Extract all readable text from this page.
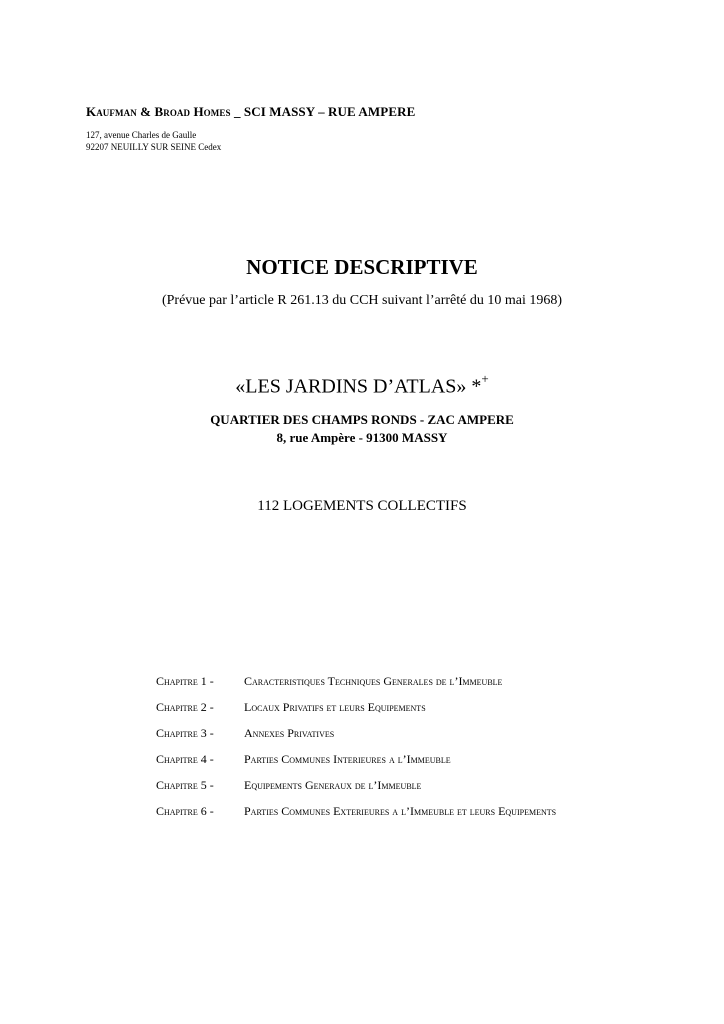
Kaufman & Broad Homes _ SCI MASSY – RUE AMPERE
127, avenue Charles de Gaulle
92207 NEUILLY SUR SEINE Cedex
NOTICE DESCRIPTIVE
(Prévue par l’article R 261.13 du CCH suivant l’arrêté du 10 mai 1968)
«LES JARDINS D’ATLAS» *+
QUARTIER DES CHAMPS RONDS - ZAC AMPERE
8, rue Ampère - 91300 MASSY
112 LOGEMENTS COLLECTIFS
Chapitre 1 -	Caracteristiques Techniques Generales de l’Immeuble
Chapitre 2 -	Locaux Privatifs et leurs Equipements
Chapitre 3 -	Annexes Privatives
Chapitre 4 -	Parties Communes Interieures a l’Immeuble
Chapitre 5 -	Equipements Generaux de l’Immeuble
Chapitre 6 -	Parties Communes Exterieures a l’Immeuble et leurs Equipements
